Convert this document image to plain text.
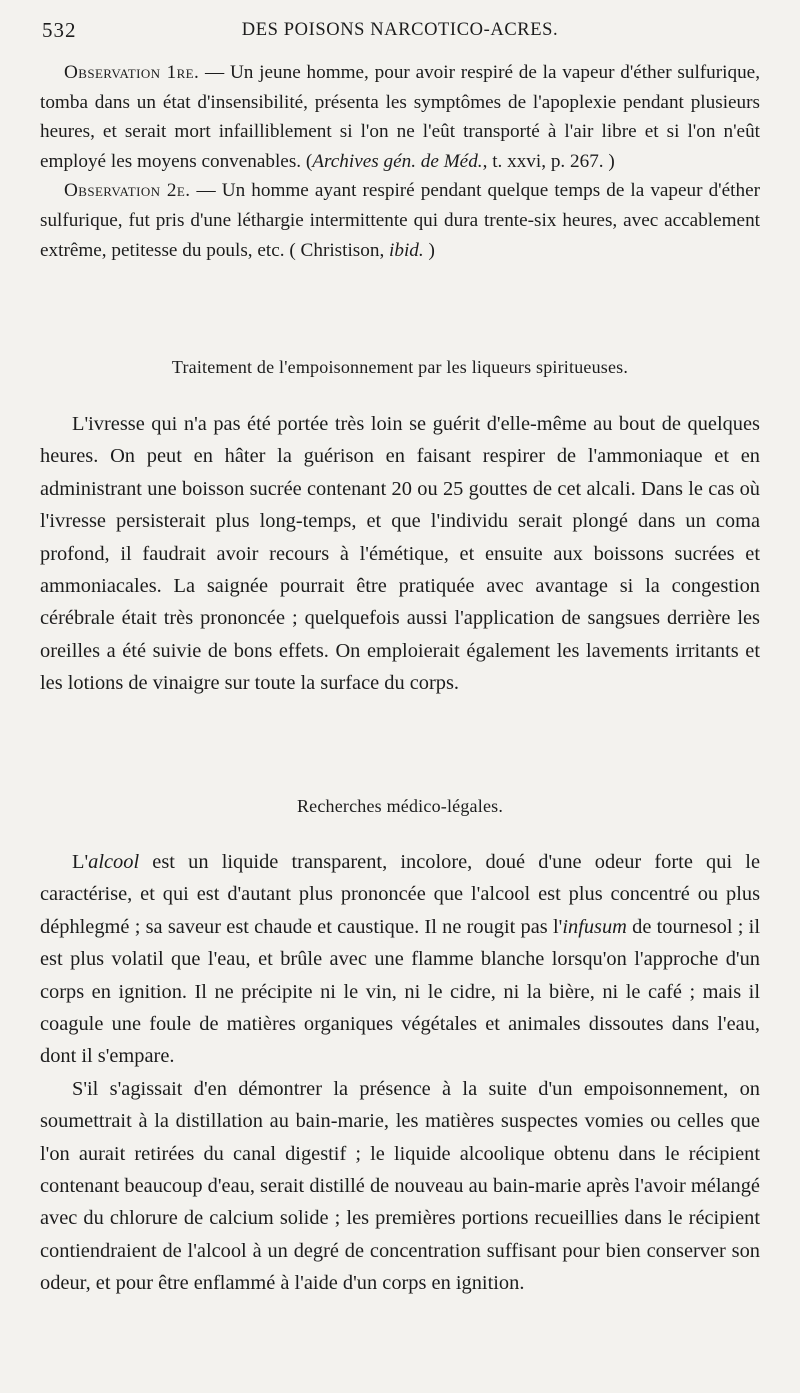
532	DES POISONS NARCOTICO-ACRES.

Observation 1re. — Un jeune homme, pour avoir respiré de la vapeur d'éther sulfurique, tomba dans un état d'insensibilité, présenta les symptômes de l'apoplexie pendant plusieurs heures, et serait mort infailliblement si l'on ne l'eût transporté à l'air libre et si l'on n'eût employé les moyens convenables. (Archives gén. de Méd., t. xxvi, p. 267. )

Observation 2e. — Un homme ayant respiré pendant quelque temps de la vapeur d'éther sulfurique, fut pris d'une léthargie intermittente qui dura trente-six heures, avec accablement extrême, petitesse du pouls, etc. ( Christison, ibid. )

Traitement de l'empoisonnement par les liqueurs spiritueuses.

L'ivresse qui n'a pas été portée très loin se guérit d'elle-même au bout de quelques heures. On peut en hâter la guérison en faisant respirer de l'ammoniaque et en administrant une boisson sucrée contenant 20 ou 25 gouttes de cet alcali. Dans le cas où l'ivresse persisterait plus long-temps, et que l'individu serait plongé dans un coma profond, il faudrait avoir recours à l'émétique, et ensuite aux boissons sucrées et ammoniacales. La saignée pourrait être pratiquée avec avantage si la congestion cérébrale était très prononcée ; quelquefois aussi l'application de sangsues derrière les oreilles a été suivie de bons effets. On emploierait également les lavements irritants et les lotions de vinaigre sur toute la surface du corps.

Recherches médico-légales.

L'alcool est un liquide transparent, incolore, doué d'une odeur forte qui le caractérise, et qui est d'autant plus prononcée que l'alcool est plus concentré ou plus déphlegmé ; sa saveur est chaude et caustique. Il ne rougit pas l'infusum de tournesol ; il est plus volatil que l'eau, et brûle avec une flamme blanche lorsqu'on l'approche d'un corps en ignition. Il ne précipite ni le vin, ni le cidre, ni la bière, ni le café ; mais il coagule une foule de matières organiques végétales et animales dissoutes dans l'eau, dont il s'empare.

S'il s'agissait d'en démontrer la présence à la suite d'un empoisonnement, on soumettrait à la distillation au bain-marie, les matières suspectes vomies ou celles que l'on aurait retirées du canal digestif ; le liquide alcoolique obtenu dans le récipient contenant beaucoup d'eau, serait distillé de nouveau au bain-marie après l'avoir mélangé avec du chlorure de calcium solide ; les premières portions recueillies dans le récipient contiendraient de l'alcool à un degré de concentration suffisant pour bien conserver son odeur, et pour être enflammé à l'aide d'un corps en ignition.
